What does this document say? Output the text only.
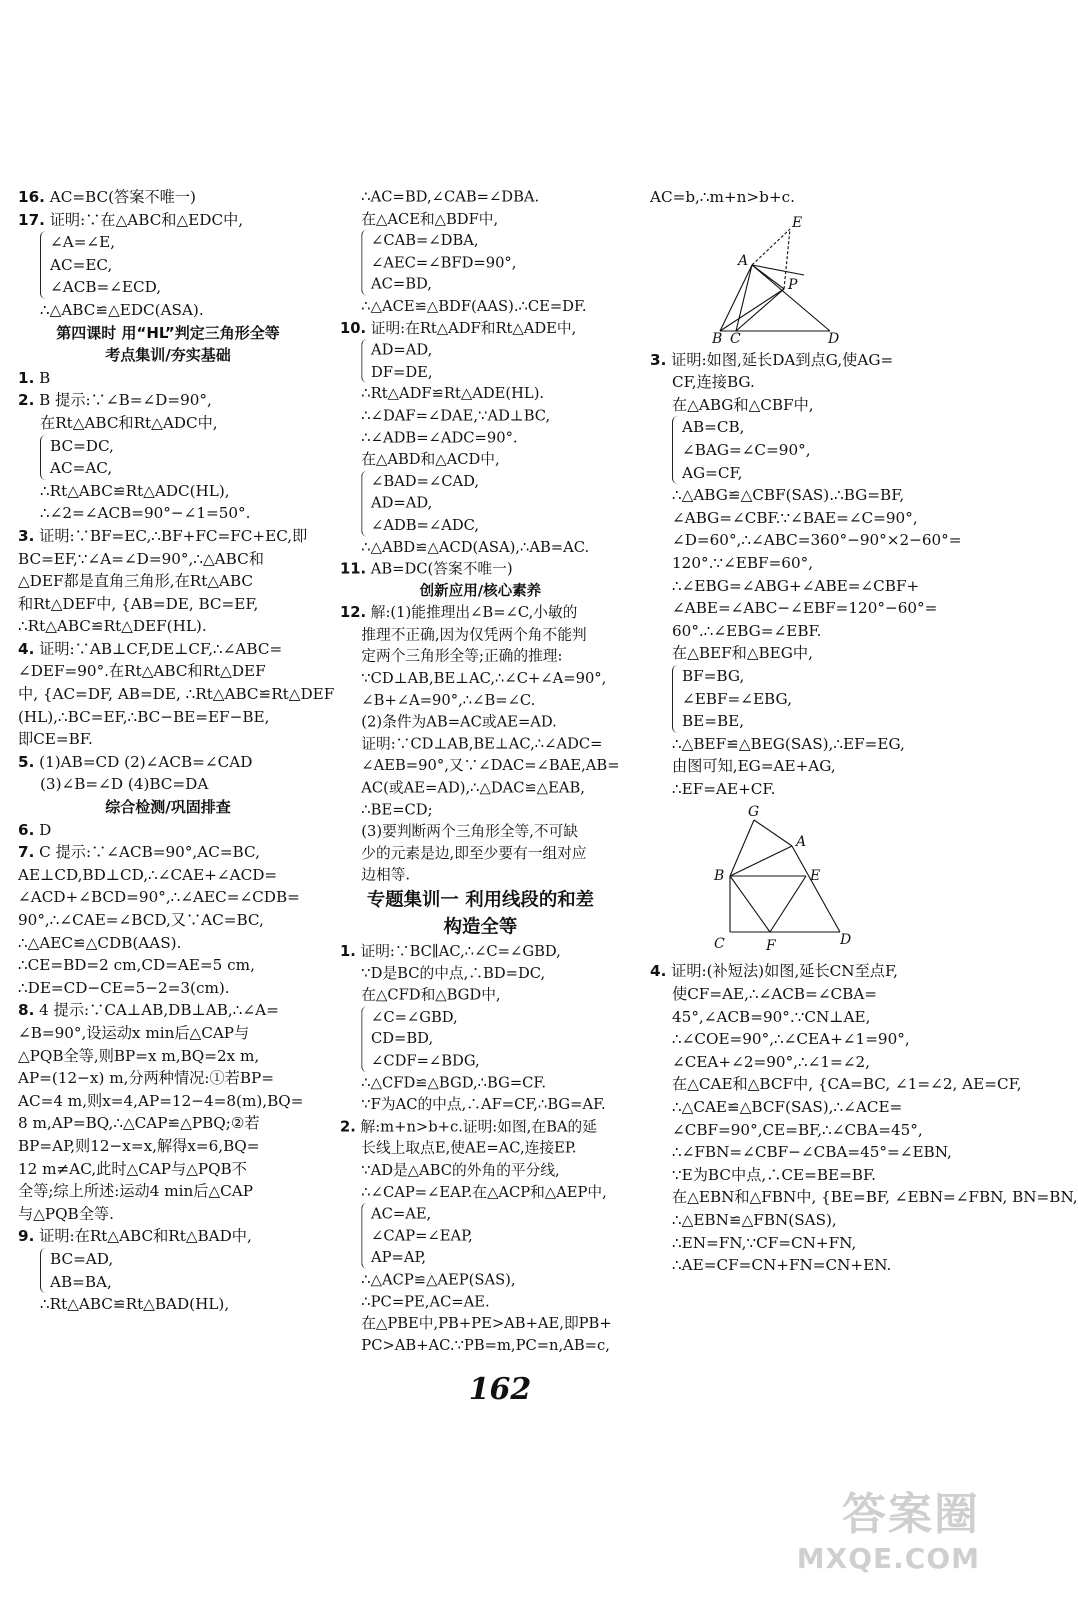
16. AC=BC(答案不唯一)
17. 证明:∵在△ABC和△EDC中,
∠A=∠E,
AC=EC,
∠ACB=∠ECD,
∴△ABC≌△EDC(ASA).
第四课时 用“HL”判定三角形全等
考点集训/夯实基础
1. B
2. B 提示:∵∠B=∠D=90°,
在Rt△ABC和Rt△ADC中,
BC=DC,
AC=AC,
∴Rt△ABC≌Rt△ADC(HL),
∴∠2=∠ACB=90°−∠1=50°.
3. 证明:∵BF=EC,∴BF+FC=FC+EC,即
BC=EF,∵∠A=∠D=90°,∴△ABC和
△DEF都是直角三角形,在Rt△ABC
和Rt△DEF中, {AB=DE, BC=EF,
∴Rt△ABC≌Rt△DEF(HL).
4. 证明:∵AB⊥CF,DE⊥CF,∴∠ABC=
∠DEF=90°.在Rt△ABC和Rt△DEF
中, {AC=DF, AB=DE, ∴Rt△ABC≌Rt△DEF
(HL),∴BC=EF,∴BC−BE=EF−BE,
即CE=BF.
5. (1)AB=CD (2)∠ACB=∠CAD
(3)∠B=∠D (4)BC=DA
综合检测/巩固排查
6. D
7. C 提示:∵∠ACB=90°,AC=BC,
AE⊥CD,BD⊥CD,∴∠CAE+∠ACD=
∠ACD+∠BCD=90°,∴∠AEC=∠CDB=
90°,∴∠CAE=∠BCD,又∵AC=BC,
∴△AEC≌△CDB(AAS).
∴CE=BD=2 cm,CD=AE=5 cm,
∴DE=CD−CE=5−2=3(cm).
8. 4 提示:∵CA⊥AB,DB⊥AB,∴∠A=
∠B=90°,设运动x min后△CAP与
△PQB全等,则BP=x m,BQ=2x m,
AP=(12−x) m,分两种情况:①若BP=
AC=4 m,则x=4,AP=12−4=8(m),BQ=
8 m,AP=BQ,∴△CAP≌△PBQ;②若
BP=AP,则12−x=x,解得x=6,BQ=
12 m≠AC,此时△CAP与△PQB不
全等;综上所述:运动4 min后△CAP
与△PQB全等.
9. 证明:在Rt△ABC和Rt△BAD中,
BC=AD,
AB=BA,
∴Rt△ABC≌Rt△BAD(HL),
∴AC=BD,∠CAB=∠DBA.
在△ACE和△BDF中,
∠CAB=∠DBA,
∠AEC=∠BFD=90°,
AC=BD,
∴△ACE≌△BDF(AAS).∴CE=DF.
10. 证明:在Rt△ADF和Rt△ADE中,
AD=AD,
DF=DE,
∴Rt△ADF≌Rt△ADE(HL).
∴∠DAF=∠DAE,∵AD⊥BC,
∴∠ADB=∠ADC=90°.
在△ABD和△ACD中,
∠BAD=∠CAD,
AD=AD,
∠ADB=∠ADC,
∴△ABD≌△ACD(ASA),∴AB=AC.
11. AB=DC(答案不唯一)
创新应用/核心素养
12. 解:(1)能推理出∠B=∠C,小敏的
推理不正确,因为仅凭两个角不能判
定两个三角形全等;正确的推理:
∵CD⊥AB,BE⊥AC,∴∠C+∠A=90°,
∠B+∠A=90°,∴∠B=∠C.
(2)条件为AB=AC或AE=AD.
证明:∵CD⊥AB,BE⊥AC,∴∠ADC=
∠AEB=90°,又∵∠DAC=∠BAE,AB=
AC(或AE=AD),∴△DAC≌△EAB,
∴BE=CD;
(3)要判断两个三角形全等,不可缺
少的元素是边,即至少要有一组对应
边相等.
专题集训一 利用线段的和差
构造全等
1. 证明:∵BC∥AC,∴∠C=∠GBD,
∵D是BC的中点,∴BD=DC,
在△CFD和△BGD中,
∠C=∠GBD,
CD=BD,
∠CDF=∠BDG,
∴△CFD≌△BGD,∴BG=CF.
∵F为AC的中点,∴AF=CF,∴BG=AF.
2. 解:m+n>b+c.证明:如图,在BA的延
长线上取点E,使AE=AC,连接EP.
∵AD是△ABC的外角的平分线,
∴∠CAP=∠EAP.在△ACP和△AEP中,
AC=AE,
∠CAP=∠EAP,
AP=AP,
∴△ACP≌△AEP(SAS),
∴PC=PE,AC=AE.
在△PBE中,PB+PE>AB+AE,即PB+
PC>AB+AC.∵PB=m,PC=n,AB=c,
AC=b,∴m+n>b+c.
E
A
P
B C	D
3. 证明:如图,延长DA到点G,使AG=
CF,连接BG.
在△ABG和△CBF中,
AB=CB,
∠BAG=∠C=90°,
AG=CF,
∴△ABG≌△CBF(SAS).∴BG=BF,
∠ABG=∠CBF.∵∠BAE=∠C=90°,
∠D=60°,∴∠ABC=360°−90°×2−60°=
120°.∵∠EBF=60°,
∴∠EBG=∠ABG+∠ABE=∠CBF+
∠ABE=∠ABC−∠EBF=120°−60°=
60°.∴∠EBG=∠EBF.
在△BEF和△BEG中,
BF=BG,
∠EBF=∠EBG,
BE=BE,
∴△BEF≌△BEG(SAS),∴EF=EG,
由图可知,EG=AE+AG,
∴EF=AE+CF.
G
A
B	E
C	F	D
4. 证明:(补短法)如图,延长CN至点F,
使CF=AE,∴∠ACB=∠CBA=
45°,∠ACB=90°.∵CN⊥AE,
∴∠COE=90°,∴∠CEA+∠1=90°,
∠CEA+∠2=90°,∴∠1=∠2,
在△CAE和△BCF中, {CA=BC, ∠1=∠2, AE=CF,
∴△CAE≌△BCF(SAS),∴∠ACE=
∠CBF=90°,CE=BF,∴∠CBA=45°,
∴∠FBN=∠CBF−∠CBA=45°=∠EBN,
∵E为BC中点,∴CE=BE=BF.
在△EBN和△FBN中, {BE=BF, ∠EBN=∠FBN, BN=BN,
∴△EBN≌△FBN(SAS),
∴EN=FN,∵CF=CN+FN,
∴AE=CF=CN+FN=CN+EN.
162
答案圈
MXQE.COM
